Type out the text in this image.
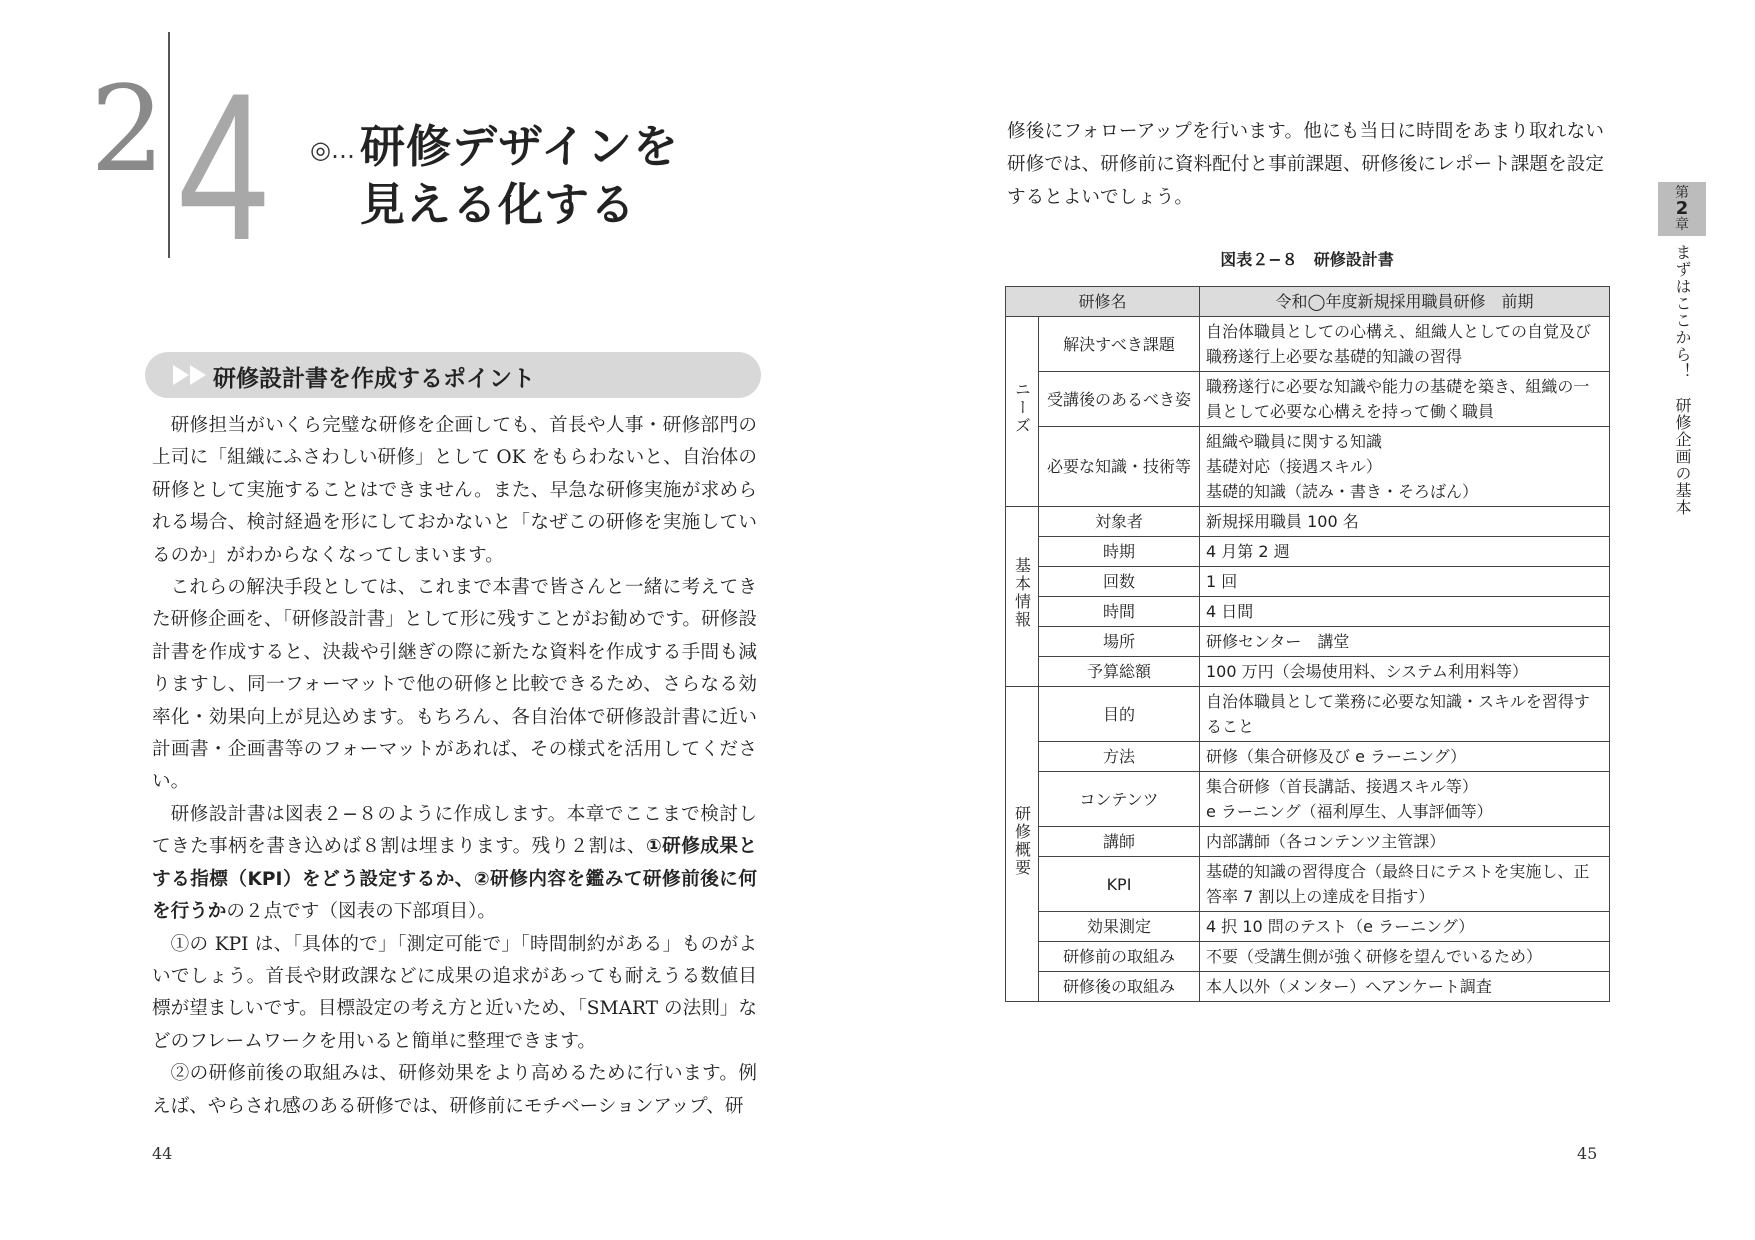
2 4 ◎… 研修デザインを
見える化する
研修設計書を作成するポイント

研修担当がいくら完璧な研修を企画しても、首長や人事・研修部門の上司に「組織にふさわしい研修」として OK をもらわないと、自治体の研修として実施することはできません。また、早急な研修実施が求められる場合、検討経過を形にしておかないと「なぜこの研修を実施しているのか」がわからなくなってしまいます。

これらの解決手段としては、これまで本書で皆さんと一緒に考えてきた研修企画を、「研修設計書」として形に残すことがお勧めです。研修設計書を作成すると、決裁や引継ぎの際に新たな資料を作成する手間も減りますし、同一フォーマットで他の研修と比較できるため、さらなる効率化・効果向上が見込めます。もちろん、各自治体で研修設計書に近い計画書・企画書等のフォーマットがあれば、その様式を活用してください。

研修設計書は図表２−８のように作成します。本章でここまで検討してきた事柄を書き込めば８割は埋まります。残り２割は、①研修成果とする指標（KPI）をどう設定するか、②研修内容を鑑みて研修前後に何を行うかの２点です（図表の下部項目）。

①の KPI は、「具体的で」「測定可能で」「時間制約がある」ものがよいでしょう。首長や財政課などに成果の追求があっても耐えうる数値目標が望ましいです。目標設定の考え方と近いため、「SMART の法則」などのフレームワークを用いると簡単に整理できます。

②の研修前後の取組みは、研修効果をより高めるために行います。例えば、やらされ感のある研修では、研修前にモチベーションアップ、研

44

修後にフォローアップを行います。他にも当日に時間をあまり取れない研修では、研修前に資料配付と事前課題、研修後にレポート課題を設定するとよいでしょう。	第
2
章
まずはここから！　研修企画の基本
図表２−８　研修設計書
研修名		令和◯年度新規採用職員研修　前期
ニーズ	解決すべき課題	自治体職員としての心構え、組織人としての自覚及び職務遂行上必要な基礎的知識の習得

	受講後のあるべき姿	職務遂行に必要な知識や能力の基礎を築き、組織の一員として必要な心構えを持って働く職員

	必要な知識・技術等	組織や職員に関する知識
基礎対応（接遇スキル）
基礎的知識（読み・書き・そろばん）

基本情報	対象者	新規採用職員 100 名

	時期	4 月第 2 週

	回数	1 回

	時間	4 日間

	場所	研修センター　講堂

	予算総額	100 万円（会場使用料、システム利用料等）

研修概要	目的	自治体職員として業務に必要な知識・スキルを習得すること

	方法	研修（集合研修及び e ラーニング）

	コンテンツ	集合研修（首長講話、接遇スキル等）
e ラーニング（福利厚生、人事評価等）

	講師	内部講師（各コンテンツ主管課）

	KPI	基礎的知識の習得度合（最終日にテストを実施し、正答率 7 割以上の達成を目指す）

	効果測定	4 択 10 問のテスト（e ラーニング）

	研修前の取組み	不要（受講生側が強く研修を望んでいるため）

	研修後の取組み	本人以外（メンター）へアンケート調査
45
